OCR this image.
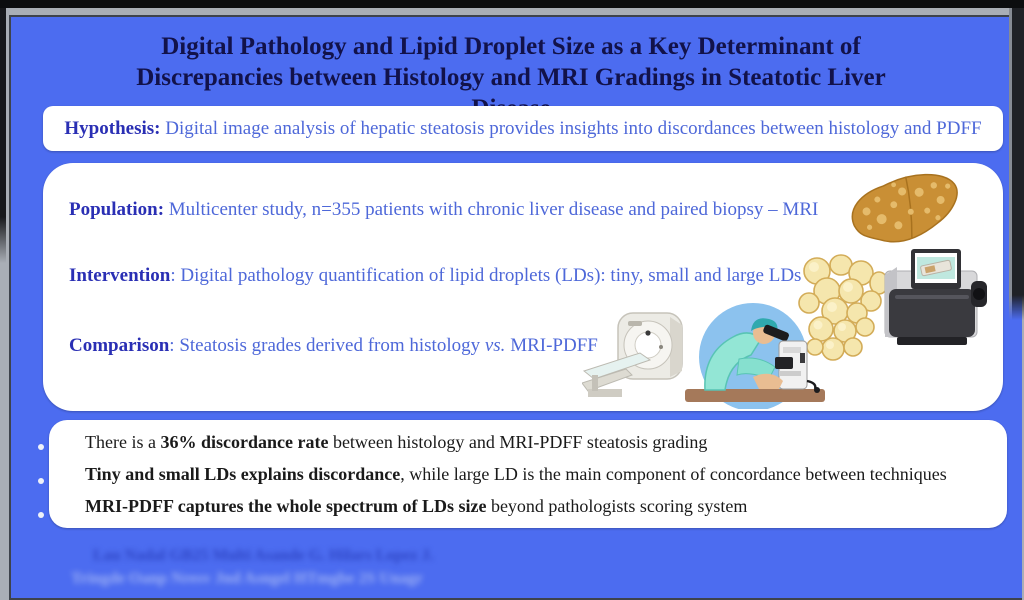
Digital Pathology and Lipid Droplet Size as a Key Determinant of
Discrepancies between Histology and MRI Gradings in Steatotic Liver
Hypothesis: Digital image analysis of hepatic steatosis provides insights into discordances between histology and PDFF
Population: Multicenter study, n=355 patients with chronic liver disease and paired biopsy – MRI
Intervention: Digital pathology quantification of lipid droplets (LDs): tiny, small and large LDs
Comparison: Steatosis grades derived from histology vs. MRI-PDFF
There is a 36% discordance rate between histology and MRI-PDFF steatosis grading
Tiny and small LDs explains discordance, while large LD is the main component of concordance between techniques
MRI-PDFF captures the whole spectrum of LDs size beyond pathologists scoring system
Lau Nadal GB25 Multi Asande G. Hilars Lopez J.
Tringde Oanp Nresv Jnd Asngel HTmgbe 2S Unagr
